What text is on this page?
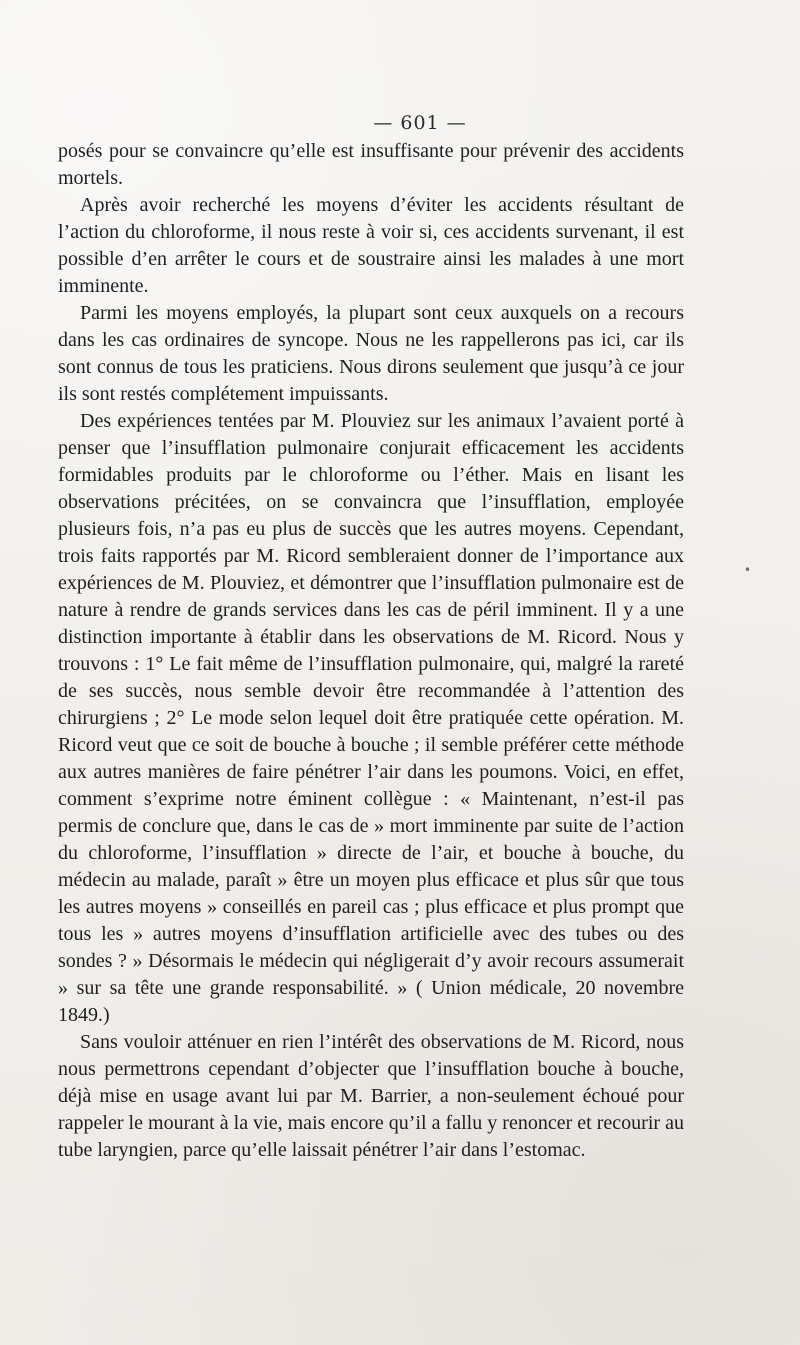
— 601 —

posés pour se convaincre qu’elle est insuffisante pour prévenir des accidents mortels.

Après avoir recherché les moyens d’éviter les accidents résultant de l’action du chloroforme, il nous reste à voir si, ces accidents survenant, il est possible d’en arrêter le cours et de soustraire ainsi les malades à une mort imminente.

Parmi les moyens employés, la plupart sont ceux auxquels on a recours dans les cas ordinaires de syncope. Nous ne les rappellerons pas ici, car ils sont connus de tous les praticiens. Nous dirons seulement que jusqu’à ce jour ils sont restés complétement impuissants.

Des expériences tentées par M. Plouviez sur les animaux l’avaient porté à penser que l’insufflation pulmonaire conjurait efficacement les accidents formidables produits par le chloroforme ou l’éther. Mais en lisant les observations précitées, on se convaincra que l’insufflation, employée plusieurs fois, n’a pas eu plus de succès que les autres moyens. Cependant, trois faits rapportés par M. Ricord sembleraient donner de l’importance aux expériences de M. Plouviez, et démontrer que l’insufflation pulmonaire est de nature à rendre de grands services dans les cas de péril imminent. Il y a une distinction importante à établir dans les observations de M. Ricord. Nous y trouvons : 1° Le fait même de l’insufflation pulmonaire, qui, malgré la rareté de ses succès, nous semble devoir être recommandée à l’attention des chirurgiens ; 2° Le mode selon lequel doit être pratiquée cette opération. M. Ricord veut que ce soit de bouche à bouche ; il semble préférer cette méthode aux autres manières de faire pénétrer l’air dans les poumons. Voici, en effet, comment s’exprime notre éminent collègue : « Maintenant, n’est-il pas permis de conclure que, dans le cas de » mort imminente par suite de l’action du chloroforme, l’insufflation » directe de l’air, et bouche à bouche, du médecin au malade, paraît » être un moyen plus efficace et plus sûr que tous les autres moyens » conseillés en pareil cas ; plus efficace et plus prompt que tous les » autres moyens d’insufflation artificielle avec des tubes ou des sondes ? » Désormais le médecin qui négligerait d’y avoir recours assumerait » sur sa tête une grande responsabilité. » ( Union médicale, 20 novembre 1849.)

Sans vouloir atténuer en rien l’intérêt des observations de M. Ricord, nous nous permettrons cependant d’objecter que l’insufflation bouche à bouche, déjà mise en usage avant lui par M. Barrier, a non-seulement échoué pour rappeler le mourant à la vie, mais encore qu’il a fallu y renoncer et recourir au tube laryngien, parce qu’elle laissait pénétrer l’air dans l’estomac.

•
